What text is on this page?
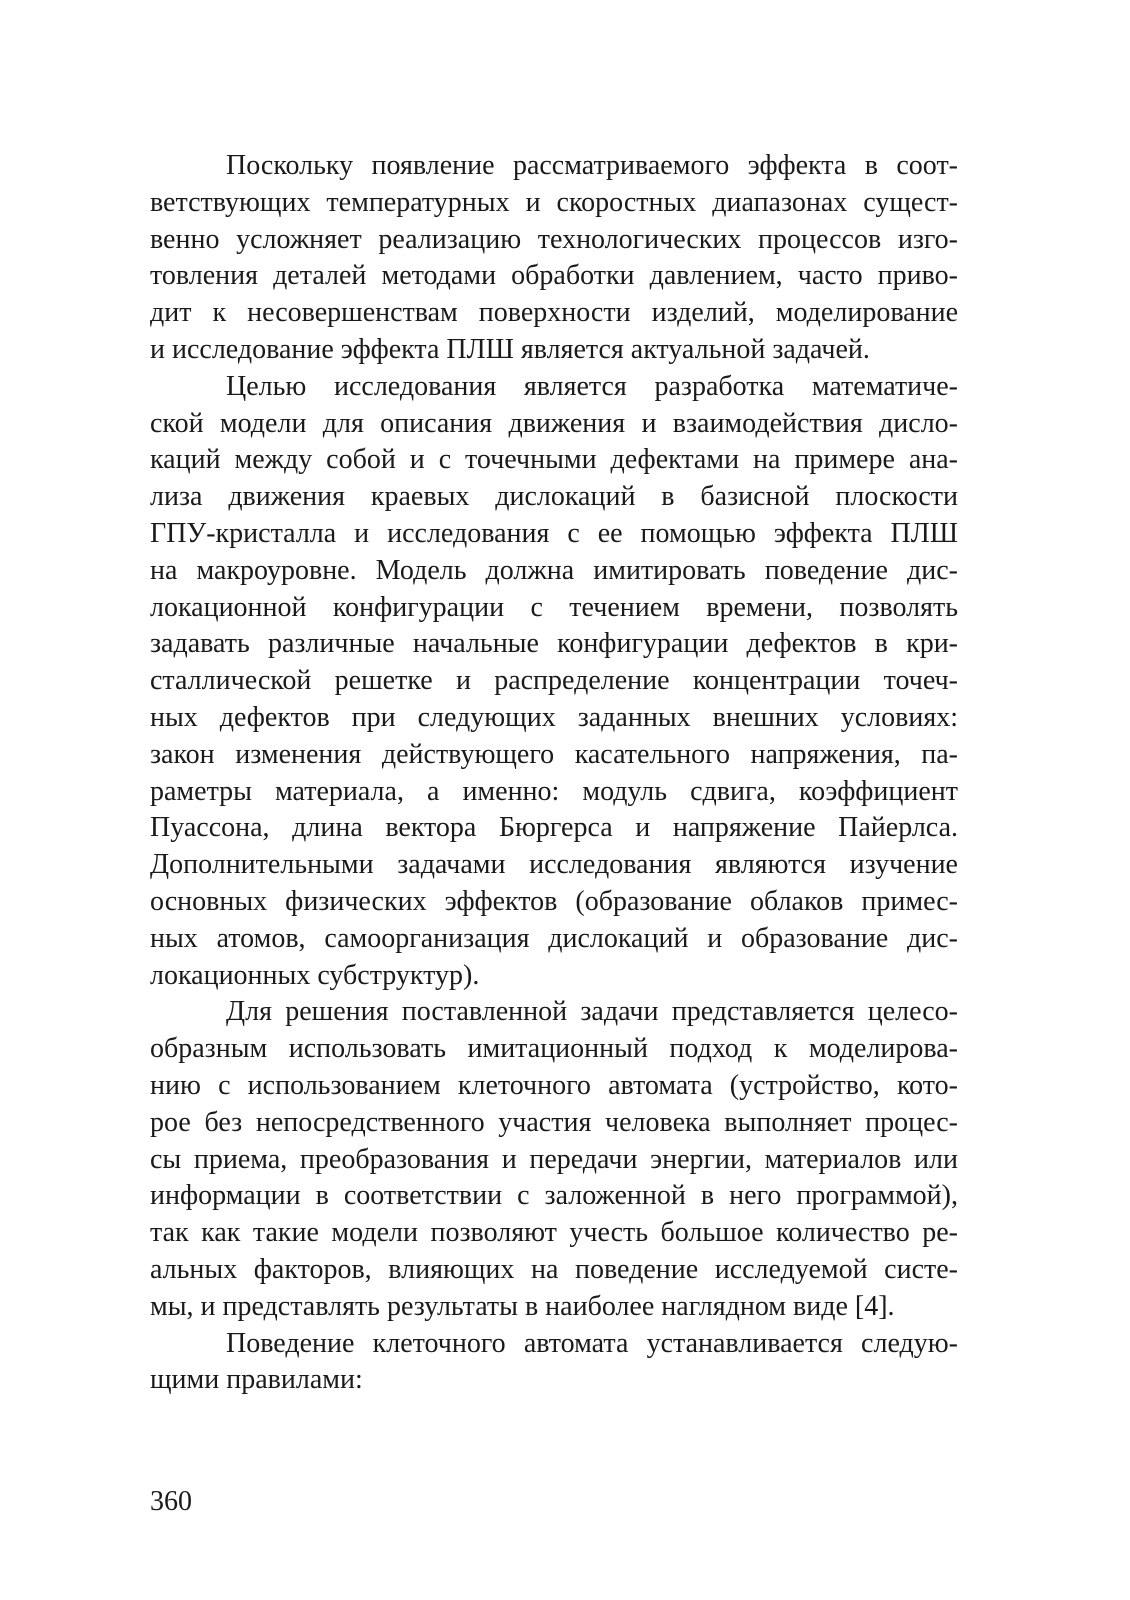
Поскольку появление рассматриваемого эффекта в соот-
ветствующих температурных и скоростных диапазонах сущест-
венно усложняет реализацию технологических процессов изго-
товления деталей методами обработки давлением, часто приво-
дит к несовершенствам поверхности изделий, моделирование
и исследование эффекта ПЛШ является актуальной задачей.
Целью исследования является разработка математиче-
ской модели для описания движения и взаимодействия дисло-
каций между собой и с точечными дефектами на примере ана-
лиза движения краевых дислокаций в базисной плоскости
ГПУ-кристалла и исследования с ее помощью эффекта ПЛШ
на макроуровне. Модель должна имитировать поведение дис-
локационной конфигурации с течением времени, позволять
задавать различные начальные конфигурации дефектов в кри-
сталлической решетке и распределение концентрации точеч-
ных дефектов при следующих заданных внешних условиях:
закон изменения действующего касательного напряжения, па-
раметры материала, а именно: модуль сдвига, коэффициент
Пуассона, длина вектора Бюргерса и напряжение Пайерлса.
Дополнительными задачами исследования являются изучение
основных физических эффектов (образование облаков примес-
ных атомов, самоорганизация дислокаций и образование дис-
локационных субструктур).
Для решения поставленной задачи представляется целесо-
образным использовать имитационный подход к моделирова-
нию с использованием клеточного автомата (устройство, кото-
рое без непосредственного участия человека выполняет процес-
сы приема, преобразования и передачи энергии, материалов или
информации в соответствии с заложенной в него программой),
так как такие модели позволяют учесть большое количество ре-
альных факторов, влияющих на поведение исследуемой систе-
мы, и представлять результаты в наиболее наглядном виде [4].
Поведение клеточного автомата устанавливается следую-
щими правилами:
360
